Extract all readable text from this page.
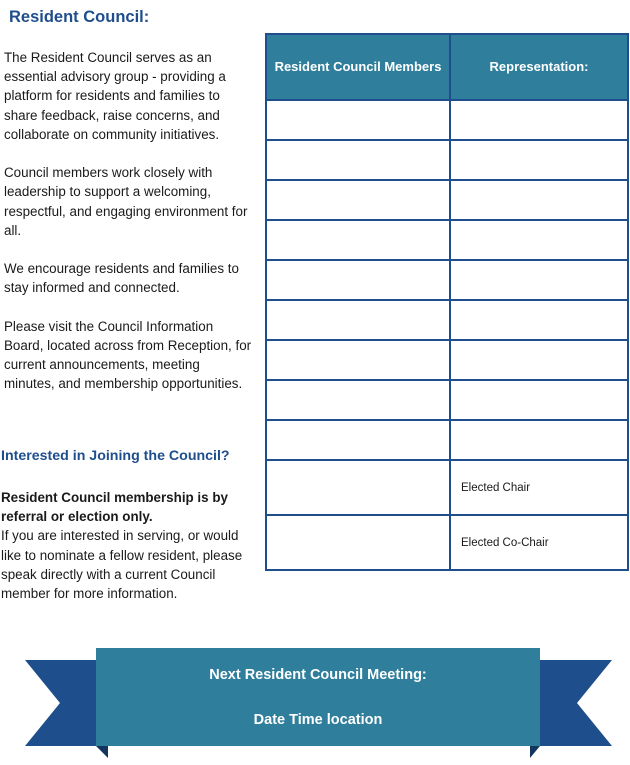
Resident Council:

The Resident Council serves as an essential advisory group - providing a platform for residents and families to share feedback, raise concerns, and collaborate on community initiatives.

Council members work closely with leadership to support a welcoming, respectful, and engaging environment for all.

We encourage residents and families to stay informed and connected.

Please visit the Council Information Board, located across from Reception, for current announcements, meeting minutes, and membership opportunities.

Interested in Joining the Council?
Resident Council membership is by referral or election only.
If you are interested in serving, or would like to nominate a fellow resident, please speak directly with a current Council member for more information.
Resident Council Members	Representation:

	Elected Chair
	Elected Co-Chair
Next Resident Council Meeting:
Date Time location
